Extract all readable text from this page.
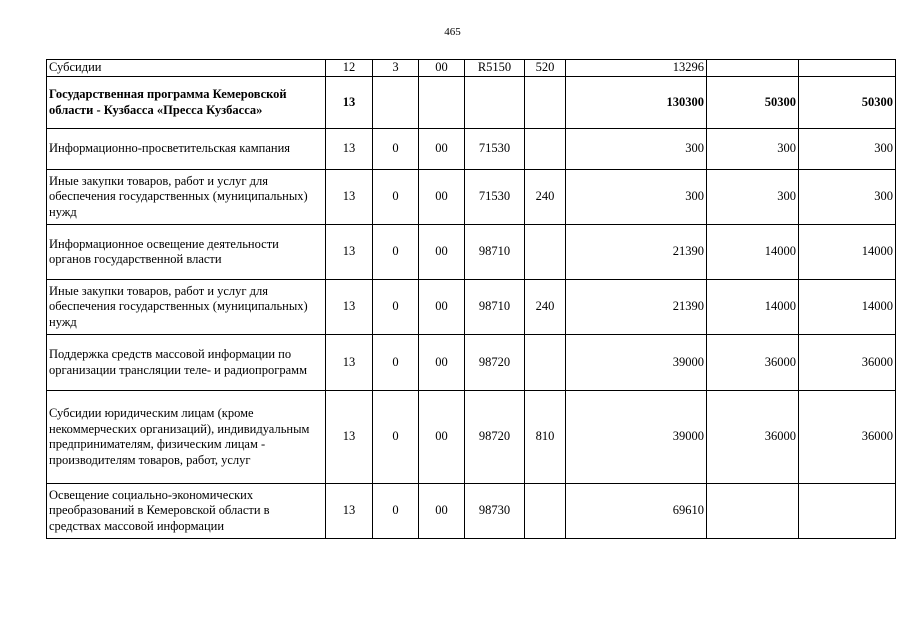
465
Субсидии	12	3	00	R5150	520	13296		
Государственная программа Кемеровской области - Кузбасса «Пресса Кузбасса»	13					130300	50300	50300
Информационно-просветительская кампания	13	0	00	71530		300	300	300
Иные закупки товаров, работ и услуг для обеспечения государственных (муниципальных) нужд	13	0	00	71530	240	300	300	300
Информационное освещение деятельности органов государственной власти	13	0	00	98710		21390	14000	14000
Иные закупки товаров, работ и услуг для обеспечения государственных (муниципальных) нужд	13	0	00	98710	240	21390	14000	14000
Поддержка средств массовой информации по организации трансляции теле- и радиопрограмм	13	0	00	98720		39000	36000	36000
Субсидии юридическим лицам (кроме некоммерческих организаций), индивидуальным предпринимателям, физическим лицам - производителям товаров, работ, услуг	13	0	00	98720	810	39000	36000	36000
Освещение социально-экономических преобразований в Кемеровской области в средствах массовой информации	13	0	00	98730		69610		
